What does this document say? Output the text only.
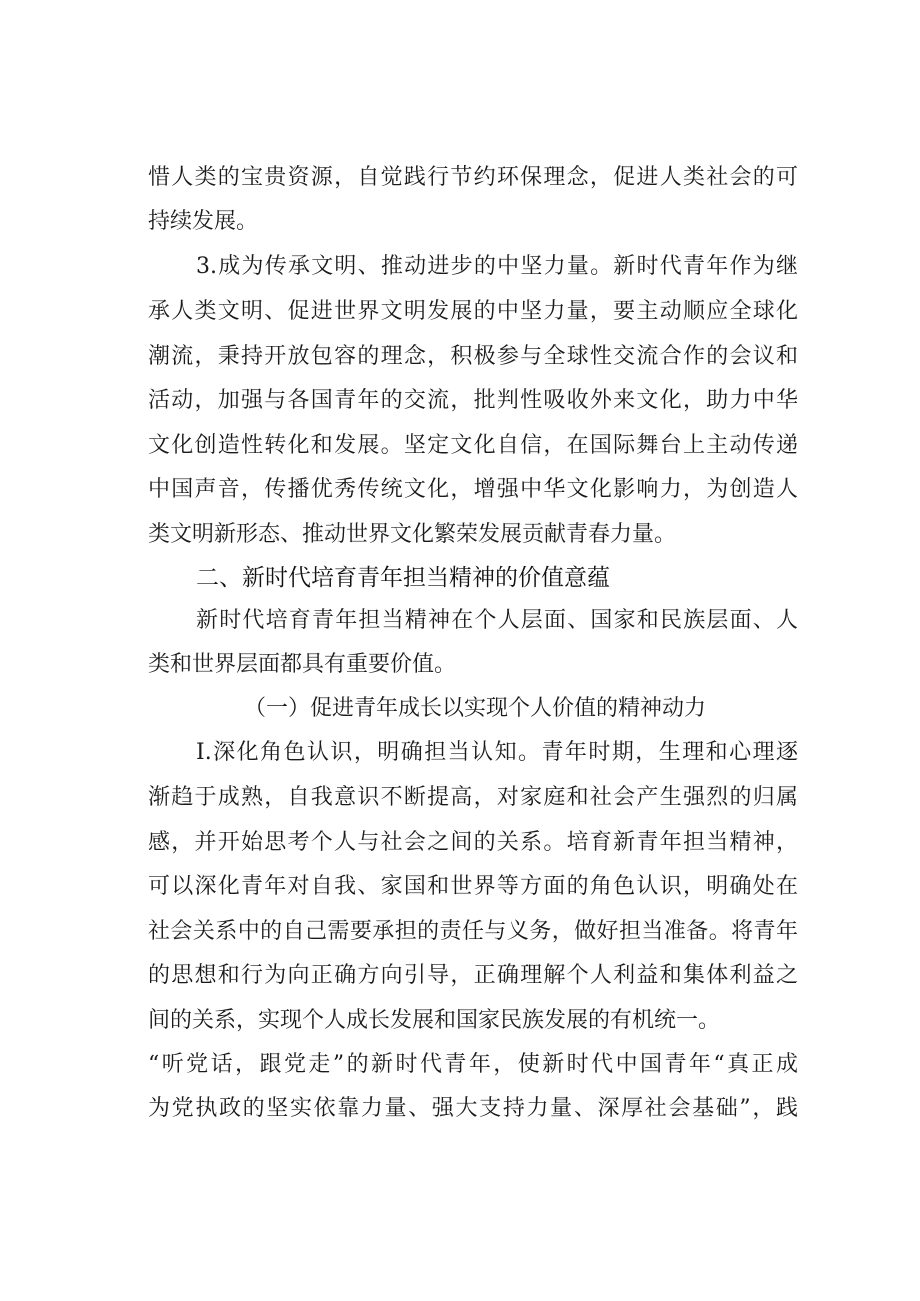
惜人类的宝贵资源，自觉践行节约环保理念，促进人类社会的可
持续发展。
3.成为传承文明、推动进步的中坚力量。新时代青年作为继
承人类文明、促进世界文明发展的中坚力量，要主动顺应全球化
潮流，秉持开放包容的理念，积极参与全球性交流合作的会议和
活动，加强与各国青年的交流，批判性吸收外来文化，助力中华
文化创造性转化和发展。坚定文化自信，在国际舞台上主动传递
中国声音，传播优秀传统文化，增强中华文化影响力，为创造人
类文明新形态、推动世界文化繁荣发展贡献青春力量。
二、新时代培育青年担当精神的价值意蕴
新时代培育青年担当精神在个人层面、国家和民族层面、人
类和世界层面都具有重要价值。
（一）促进青年成长以实现个人价值的精神动力
I.深化角色认识，明确担当认知。青年时期，生理和心理逐
渐趋于成熟，自我意识不断提高，对家庭和社会产生强烈的归属
感，并开始思考个人与社会之间的关系。培育新青年担当精神，
可以深化青年对自我、家国和世界等方面的角色认识，明确处在
社会关系中的自己需要承担的责任与义务，做好担当准备。将青年
的思想和行为向正确方向引导，正确理解个人利益和集体利益之
间的关系，实现个人成长发展和国家民族发展的有机统一。
“听党话，跟党走”的新时代青年，使新时代中国青年“真正成
为党执政的坚实依靠力量、强大支持力量、深厚社会基础”，践
